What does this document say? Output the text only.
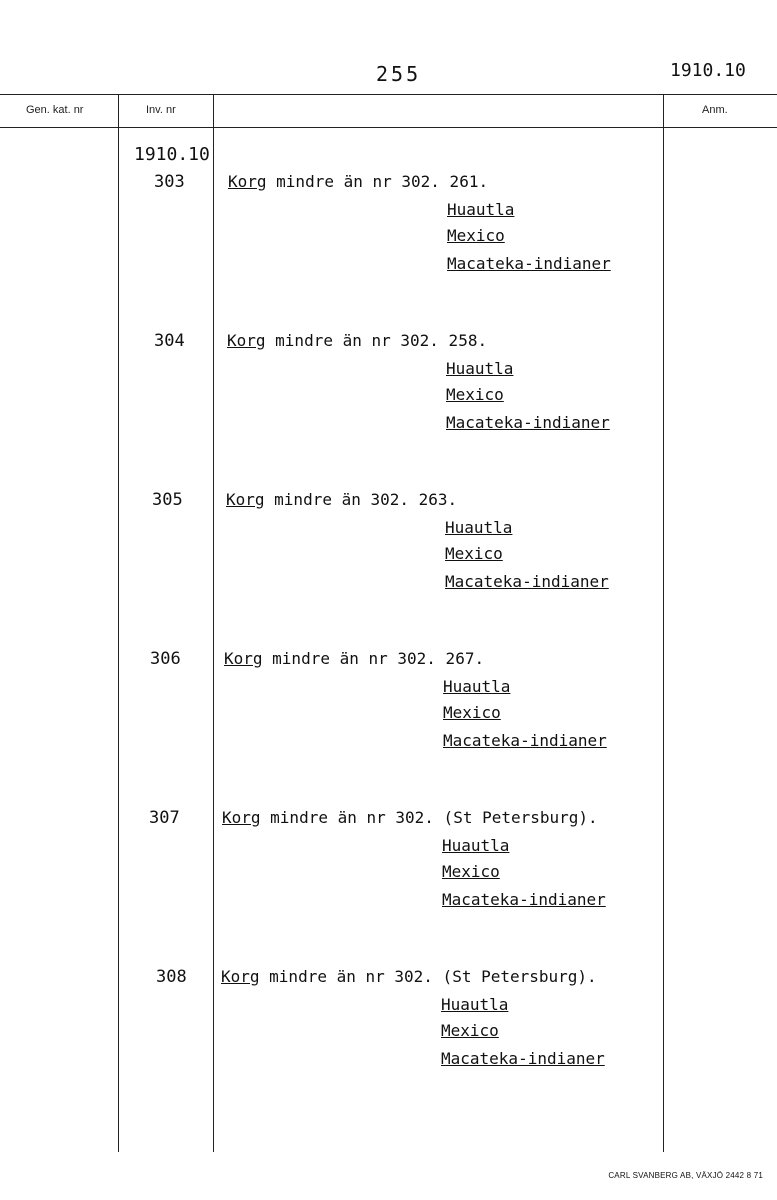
255	1910.10
Gen. kat. nr	Inv. nr	Anm.
1910.10
303	Korg mindre än nr 302. 261.
Huautla
Mexico
Macateka-indianer
304	Korg mindre än nr 302. 258.
Huautla
Mexico
Macateka-indianer
305	Korg mindre än 302. 263.
Huautla
Mexico
Macateka-indianer
306	Korg mindre än nr 302. 267.
Huautla
Mexico
Macateka-indianer
307	Korg mindre än nr 302. (St Petersburg).
Huautla
Mexico
Macateka-indianer
308 Korg mindre än nr 302. (St Petersburg).
Huautla
Mexico
Macateka-indianer
CARL SVANBERG AB, VÄXJÖ 2442 8 71
